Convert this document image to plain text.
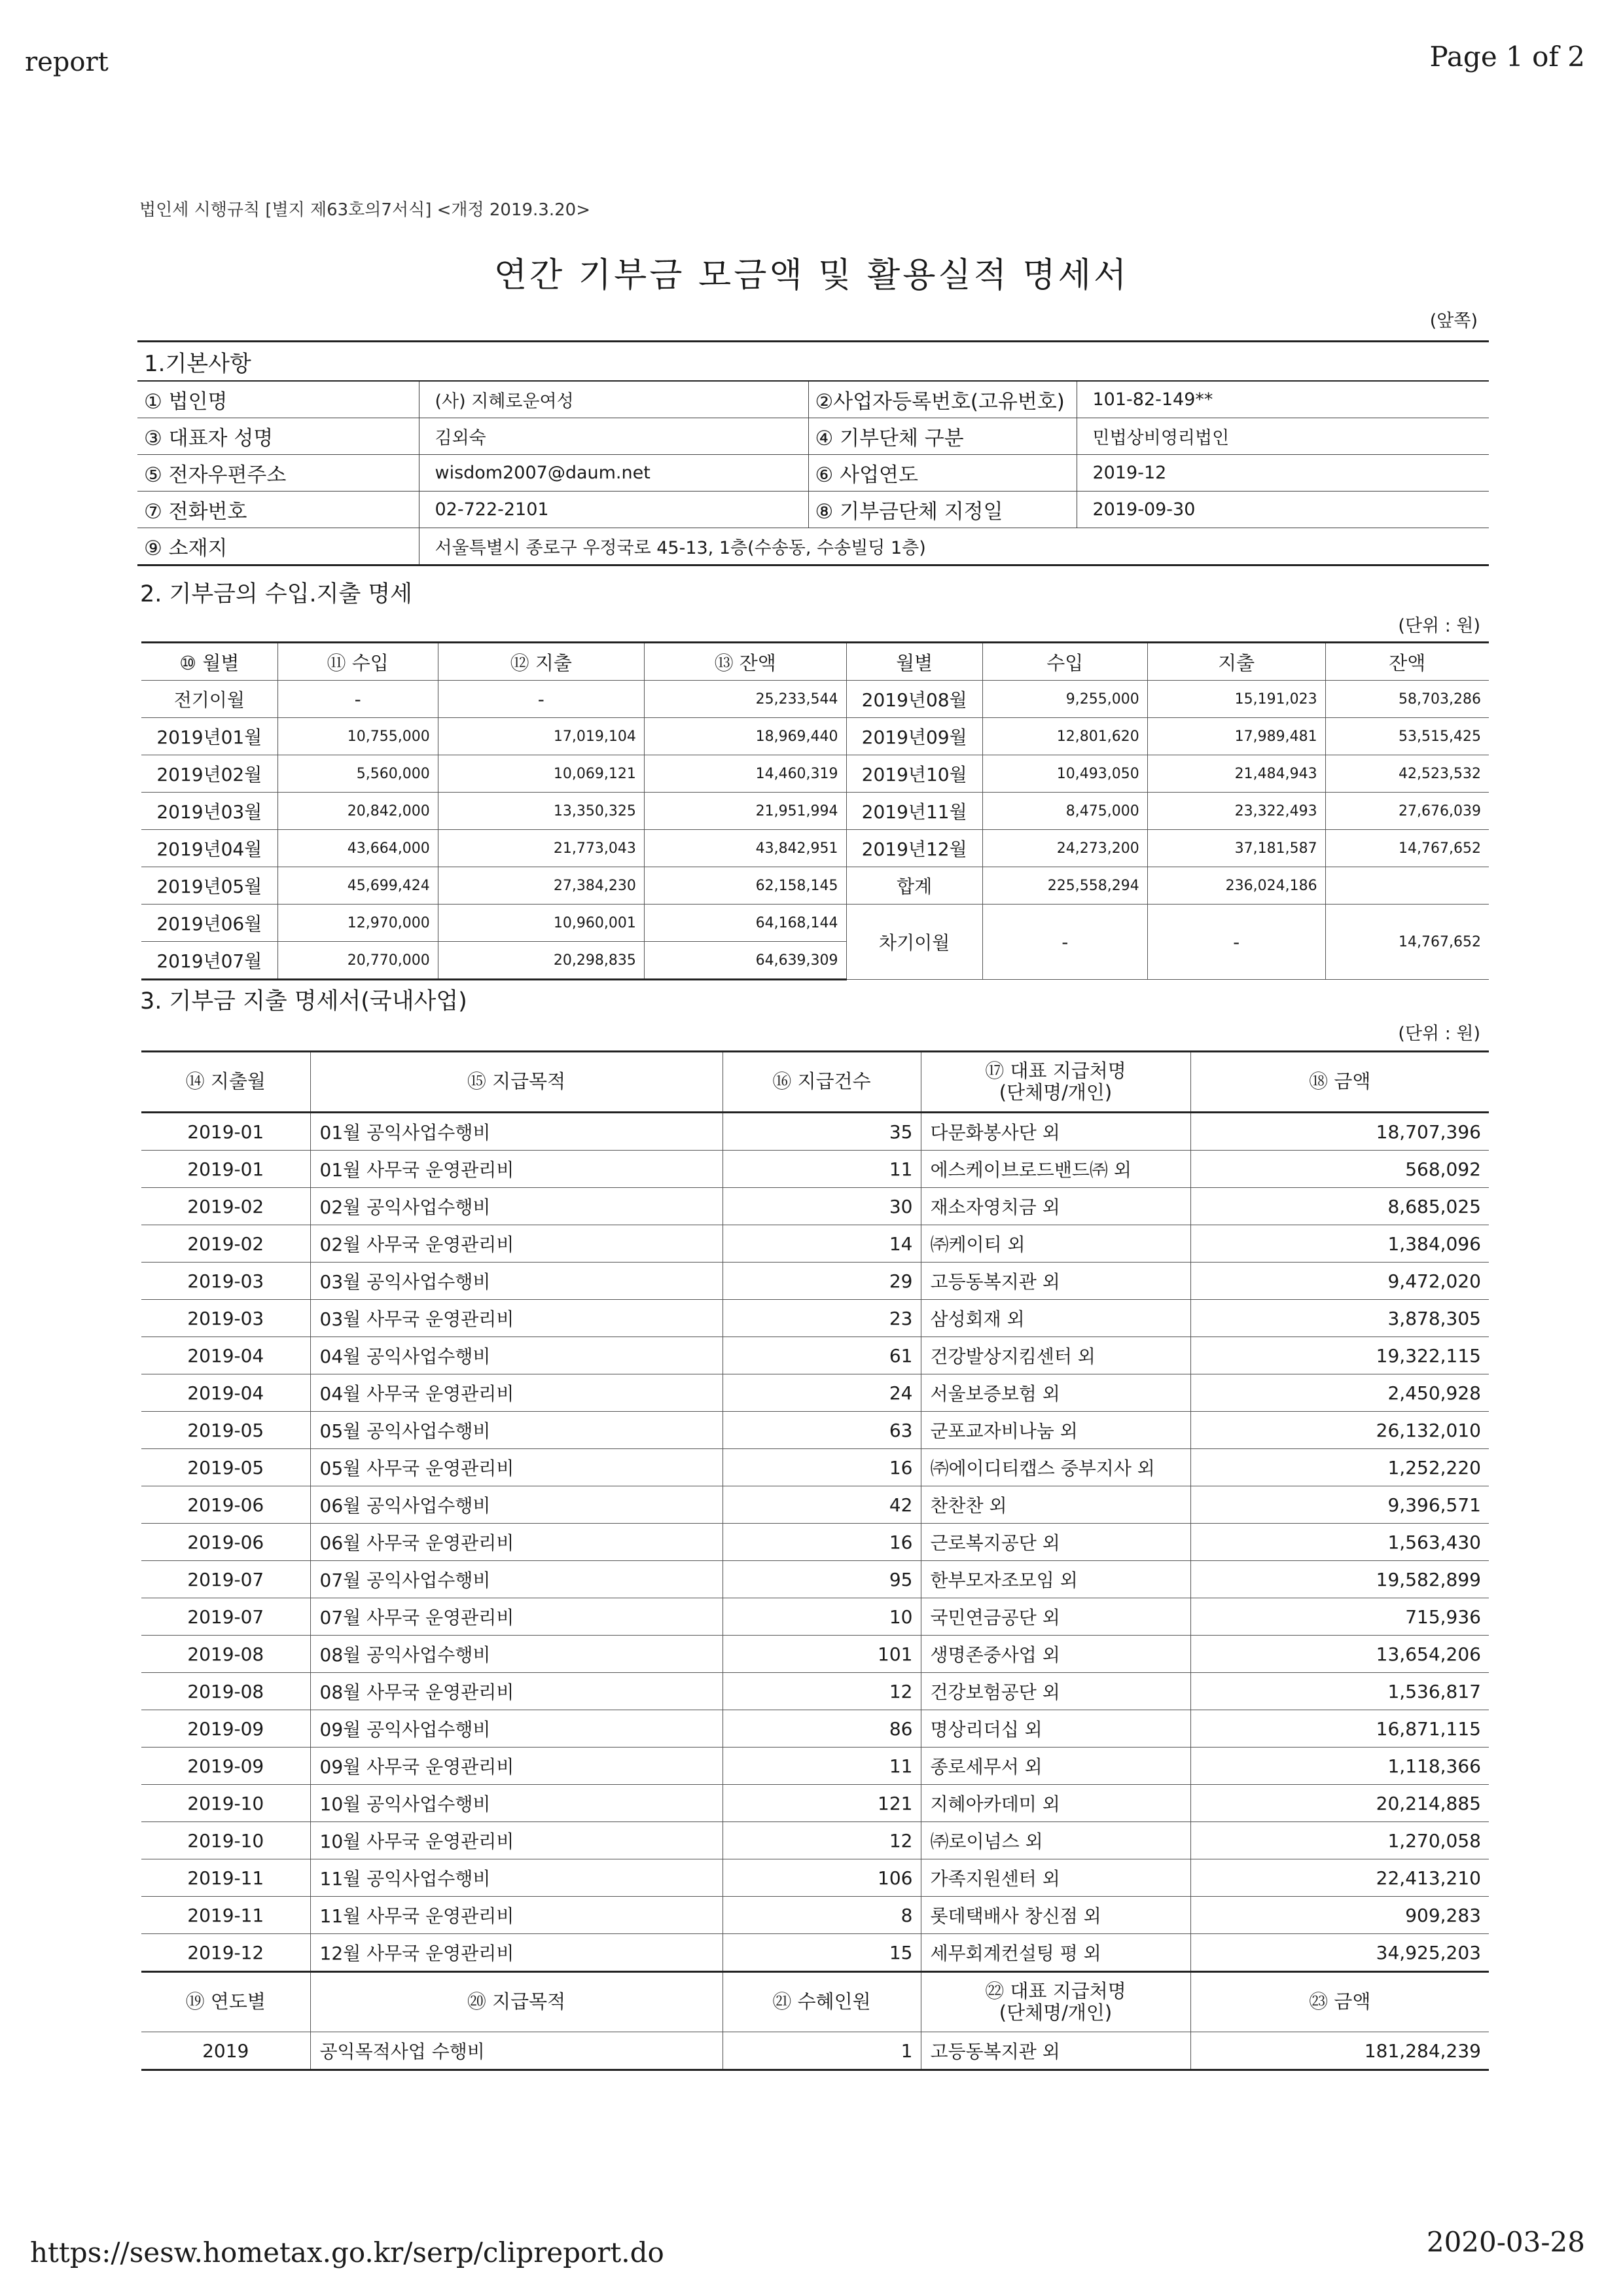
report	Page 1 of 2
법인세 시행규칙 [별지 제63호의7서식] <개정 2019.3.20>
연간 기부금 모금액 및 활용실적 명세서
(앞쪽)
1.기본사항			
① 법인명	(사) 지혜로운여성	②사업자등록번호(고유번호)	101-82-149**
③ 대표자 성명	김외숙	④ 기부단체 구분	민법상비영리법인
⑤ 전자우편주소	wisdom2007@daum.net	⑥ 사업연도	2019-12
⑦ 전화번호	02-722-2101	⑧ 기부금단체 지정일	2019-09-30
⑨ 소재지	서울특별시 종로구 우정국로 45-13, 1층(수송동, 수송빌딩 1층)		
2. 기부금의 수입.지출 명세
(단위 : 원)
⑩ 월별	⑪ 수입	⑫ 지출	⑬ 잔액	월별	수입	지출	잔액
전기이월	-	-	25,233,544	2019년08월	9,255,000	15,191,023	58,703,286
2019년01월	10,755,000	17,019,104	18,969,440	2019년09월	12,801,620	17,989,481	53,515,425
2019년02월	5,560,000	10,069,121	14,460,319	2019년10월	10,493,050	21,484,943	42,523,532
2019년03월	20,842,000	13,350,325	21,951,994	2019년11월	8,475,000	23,322,493	27,676,039
2019년04월	43,664,000	21,773,043	43,842,951	2019년12월	24,273,200	37,181,587	14,767,652
2019년05월	45,699,424	27,384,230	62,158,145	합계	225,558,294	236,024,186	
2019년06월	12,970,000	10,960,001	64,168,144	차기이월	-	-	14,767,652
2019년07월	20,770,000	20,298,835	64,639,309				
3. 기부금 지출 명세서(국내사업)
(단위 : 원)
⑭ 지출월	⑮ 지급목적	⑯ 지급건수	⑰ 대표 지급처명
(단체명/개인)	⑱ 금액
2019-01	01월 공익사업수행비	35	다문화봉사단 외	18,707,396
2019-01	01월 사무국 운영관리비	11	에스케이브로드밴드㈜ 외	568,092
2019-02	02월 공익사업수행비	30	재소자영치금 외	8,685,025
2019-02	02월 사무국 운영관리비	14	㈜케이티 외	1,384,096
2019-03	03월 공익사업수행비	29	고등동복지관 외	9,472,020
2019-03	03월 사무국 운영관리비	23	삼성회재 외	3,878,305
2019-04	04월 공익사업수행비	61	건강발상지킴센터 외	19,322,115
2019-04	04월 사무국 운영관리비	24	서울보증보험 외	2,450,928
2019-05	05월 공익사업수행비	63	군포교자비나눔 외	26,132,010
2019-05	05월 사무국 운영관리비	16	㈜에이디티캡스 중부지사 외	1,252,220
2019-06	06월 공익사업수행비	42	찬찬찬 외	9,396,571
2019-06	06월 사무국 운영관리비	16	근로복지공단 외	1,563,430
2019-07	07월 공익사업수행비	95	한부모자조모임 외	19,582,899
2019-07	07월 사무국 운영관리비	10	국민연금공단 외	715,936
2019-08	08월 공익사업수행비	101	생명존중사업 외	13,654,206
2019-08	08월 사무국 운영관리비	12	건강보험공단 외	1,536,817
2019-09	09월 공익사업수행비	86	명상리더십 외	16,871,115
2019-09	09월 사무국 운영관리비	11	종로세무서 외	1,118,366
2019-10	10월 공익사업수행비	121	지혜아카데미 외	20,214,885
2019-10	10월 사무국 운영관리비	12	㈜로이넘스 외	1,270,058
2019-11	11월 공익사업수행비	106	가족지원센터 외	22,413,210
2019-11	11월 사무국 운영관리비	8	롯데택배사 창신점 외	909,283
2019-12	12월 사무국 운영관리비	15	세무회계컨설팅 평 외	34,925,203
⑲ 연도별	⑳ 지급목적	㉑ 수혜인원	㉒ 대표 지급처명
(단체명/개인)	㉓ 금액
2019	공익목적사업 수행비	1	고등동복지관 외	181,284,239
https://sesw.hometax.go.kr/serp/clipreport.do	2020-03-28
